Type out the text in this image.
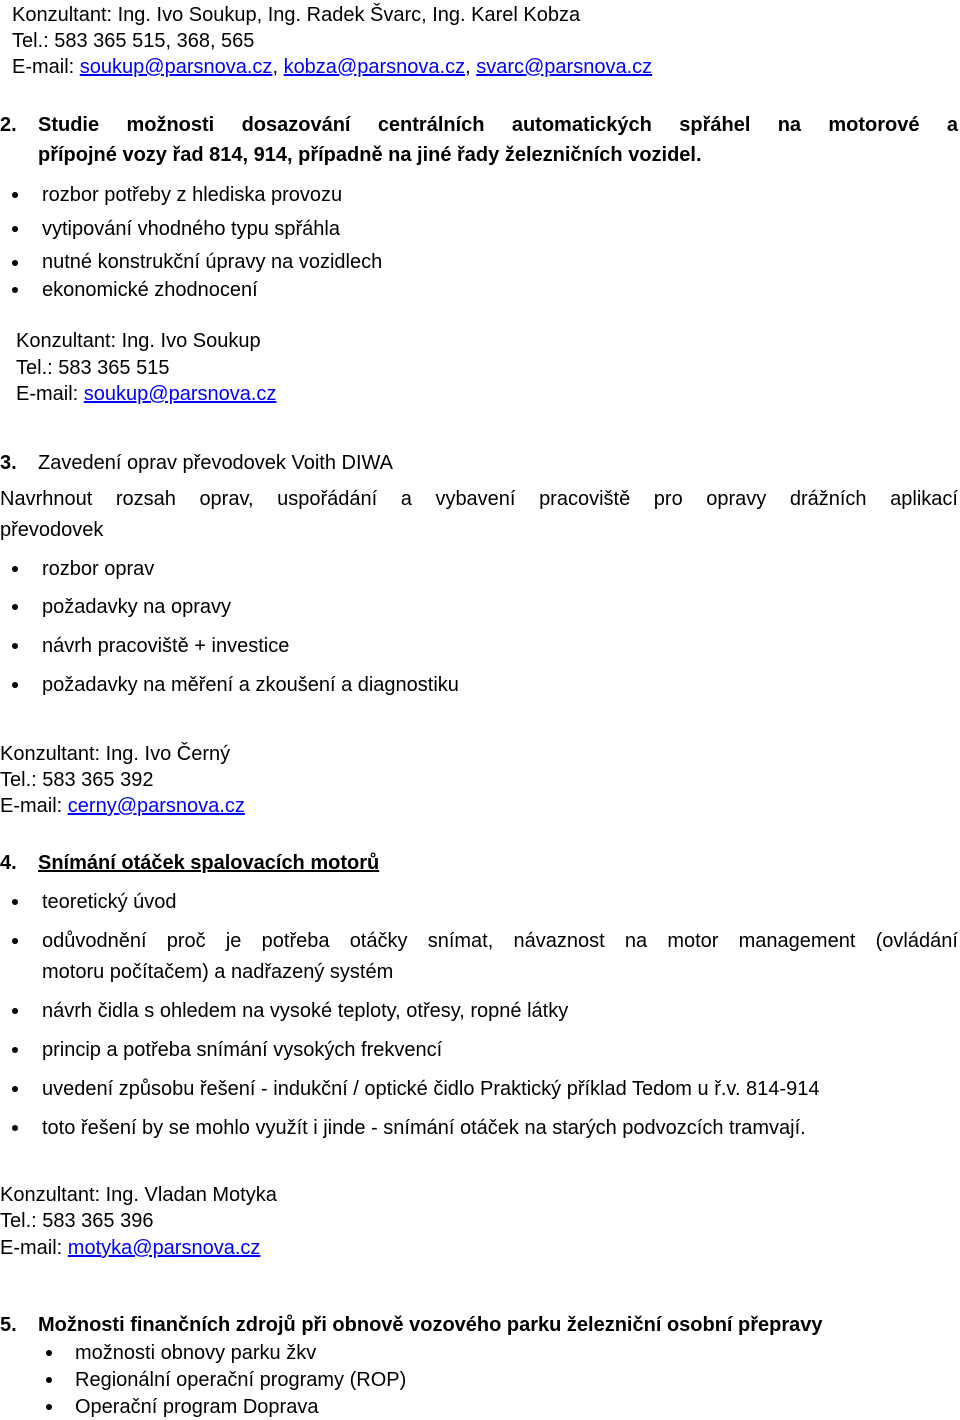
Konzultant: Ing. Ivo Soukup, Ing. Radek Švarc, Ing. Karel Kobza
Tel.: 583 365 515, 368, 565
E-mail: soukup@parsnova.cz, kobza@parsnova.cz, svarc@parsnova.cz
2. Studie možnosti dosazování centrálních automatických spřáhel na motorové a
přípojné vozy řad 814, 914, případně na jiné řady železničních vozidel.
rozbor potřeby z hlediska provozu
vytipování vhodného typu spřáhla
nutné konstrukční úpravy na vozidlech
ekonomické zhodnocení
Konzultant: Ing. Ivo Soukup
Tel.: 583 365 515
E-mail: soukup@parsnova.cz
3. Zavedení oprav převodovek Voith DIWA
Navrhnout rozsah oprav, uspořádání a vybavení pracoviště pro opravy drážních aplikací
převodovek
rozbor oprav
požadavky na opravy
návrh pracoviště + investice
požadavky na měření a zkoušení a diagnostiku
Konzultant: Ing. Ivo Černý
Tel.: 583 365 392
E-mail: cerny@parsnova.cz
4. Snímání otáček spalovacích motorů
teoretický úvod
odůvodnění proč je potřeba otáčky snímat, návaznost na motor management (ovládání
motoru počítačem) a nadřazený systém
návrh čidla s ohledem na vysoké teploty, otřesy, ropné látky
princip a potřeba snímání vysokých frekvencí
uvedení způsobu řešení - indukční / optické čidlo Praktický příklad Tedom u ř.v. 814-914
toto řešení by se mohlo využít i jinde - snímání otáček na starých podvozcích tramvají.
Konzultant: Ing. Vladan Motyka
Tel.: 583 365 396
E-mail: motyka@parsnova.cz
5. Možnosti finančních zdrojů při obnově vozového parku železniční osobní přepravy
možnosti obnovy parku žkv
Regionální operační programy (ROP)
Operační program Doprava
